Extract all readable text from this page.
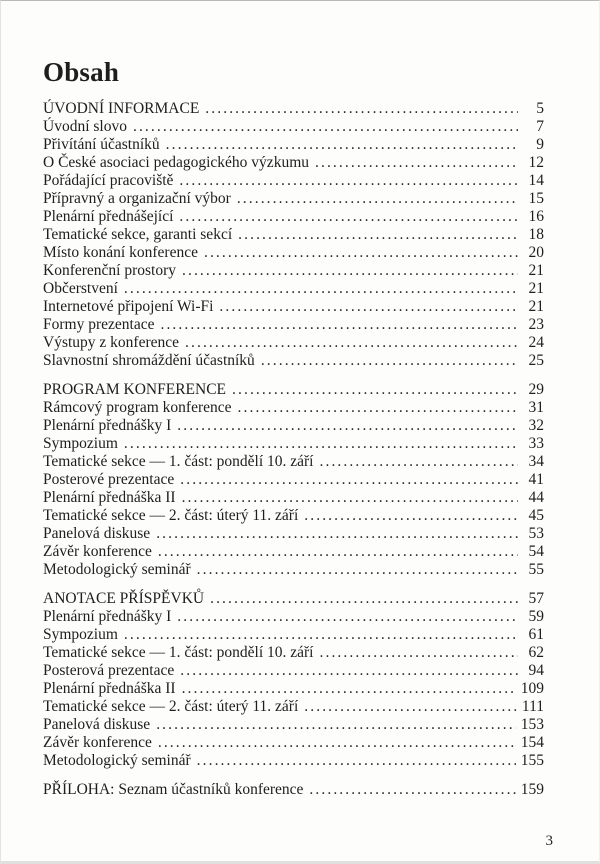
Obsah
ÚVODNÍ INFORMACE .....	5
Úvodní slovo .....	7
Přivítání účastníků .....	9
O České asociaci pedagogického výzkumu .....	12
Pořádající pracoviště .....	14
Přípravný a organizační výbor .....	15
Plenární přednášející .....	16
Tematické sekce, garanti sekcí .....	18
Místo konání konference .....	20
Konferenční prostory .....	21
Občerstvení .....	21
Internetové připojení Wi-Fi .....	21
Formy prezentace .....	23
Výstupy z konference .....	24
Slavnostní shromáždění účastníků .....	25
PROGRAM KONFERENCE .....	29
Rámcový program konference .....	31
Plenární přednášky I .....	32
Sympozium .....	33
Tematické sekce — 1. část: pondělí 10. září .....	34
Posterové prezentace .....	41
Plenární přednáška II .....	44
Tematické sekce — 2. část: úterý 11. září .....	45
Panelová diskuse .....	53
Závěr konference .....	54
Metodologický seminář .....	55
ANOTACE PŘÍSPĚVKŮ .....	57
Plenární přednášky I .....	59
Sympozium .....	61
Tematické sekce — 1. část: pondělí 10. září .....	62
Posterová prezentace .....	94
Plenární přednáška II .....	109
Tematické sekce — 2. část: úterý 11. září .....	111
Panelová diskuse .....	153
Závěr konference .....	154
Metodologický seminář .....	155
PŘÍLOHA: Seznam účastníků konference .....	159
3
